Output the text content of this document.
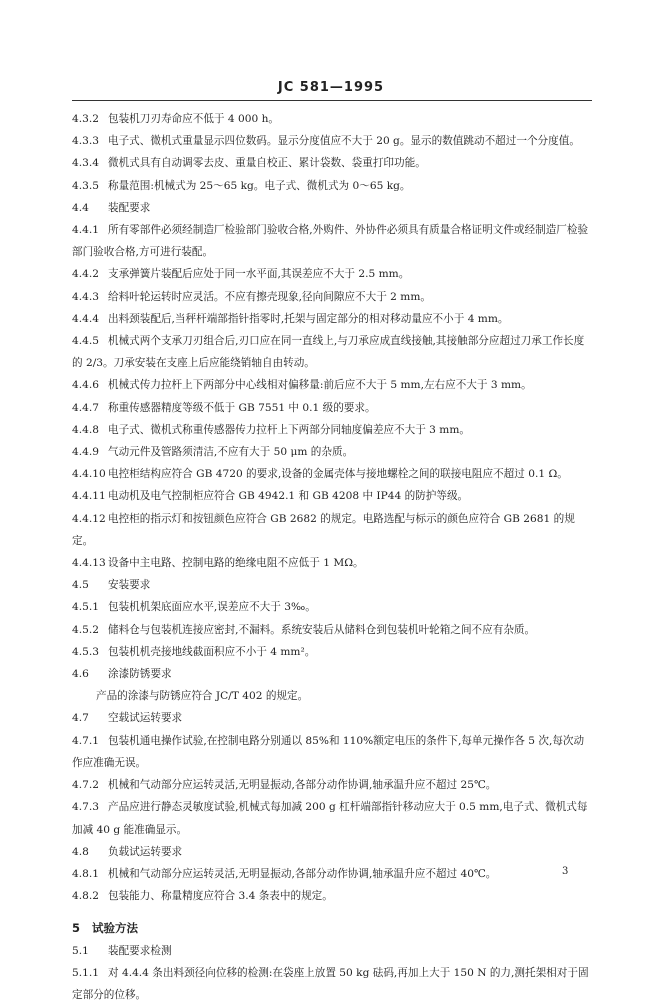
JC 581—1995
4.3.2 包装机刀刃寿命应不低于 4 000 h。
4.3.3 电子式、微机式重量显示四位数码。显示分度值应不大于 20 g。显示的数值跳动不超过一个分度值。
4.3.4 微机式具有自动调零去皮、重量自校正、累计袋数、袋重打印功能。
4.3.5 称量范围:机械式为 25～65 kg。电子式、微机式为 0～65 kg。
4.4 装配要求
4.4.1 所有零部件必须经制造厂检验部门验收合格,外购件、外协件必须具有质量合格证明文件或经制造厂检验部门验收合格,方可进行装配。
4.4.2 支承弹簧片装配后应处于同一水平面,其误差应不大于 2.5 mm。
4.4.3 给料叶轮运转时应灵活。不应有擦壳现象,径向间隙应不大于 2 mm。
4.4.4 出料颈装配后,当秤杆端部指针指零时,托架与固定部分的相对移动量应不小于 4 mm。
4.4.5 机械式两个支承刀刃组合后,刃口应在同一直线上,与刀承应成直线接触,其接触部分应超过刀承工作长度的 2/3。刀承安装在支座上后应能绕销轴自由转动。
4.4.6 机械式传力拉杆上下两部分中心线相对偏移量:前后应不大于 5 mm,左右应不大于 3 mm。
4.4.7 称重传感器精度等级不低于 GB 7551 中 0.1 级的要求。
4.4.8 电子式、微机式称重传感器传力拉杆上下两部分同轴度偏差应不大于 3 mm。
4.4.9 气动元件及管路须清洁,不应有大于 50 μm 的杂质。
4.4.10 电控柜结构应符合 GB 4720 的要求,设备的金属壳体与接地螺栓之间的联接电阻应不超过 0.1 Ω。
4.4.11 电动机及电气控制柜应符合 GB 4942.1 和 GB 4208 中 IP44 的防护等级。
4.4.12 电控柜的指示灯和按钮颜色应符合 GB 2682 的规定。电路选配与标示的颜色应符合 GB 2681 的规定。
4.4.13 设备中主电路、控制电路的绝缘电阻不应低于 1 MΩ。
4.5 安装要求
4.5.1 包装机机架底面应水平,误差应不大于 3‰。
4.5.2 储料仓与包装机连接应密封,不漏料。系统安装后从储料仓到包装机叶轮箱之间不应有杂质。
4.5.3 包装机机壳接地线截面积应不小于 4 mm²。
4.6 涂漆防锈要求
产品的涂漆与防锈应符合 JC/T 402 的规定。
4.7 空载试运转要求
4.7.1 包装机通电操作试验,在控制电路分别通以 85%和 110%额定电压的条件下,每单元操作各 5 次,每次动作应准确无误。
4.7.2 机械和气动部分应运转灵活,无明显振动,各部分动作协调,轴承温升应不超过 25℃。
4.7.3 产品应进行静态灵敏度试验,机械式每加减 200 g 杠杆端部指针移动应大于 0.5 mm,电子式、微机式每加减 40 g 能准确显示。
4.8 负载试运转要求
4.8.1 机械和气动部分应运转灵活,无明显振动,各部分动作协调,轴承温升应不超过 40℃。
4.8.2 包装能力、称量精度应符合 3.4 条表中的规定。
5 试验方法
5.1 装配要求检测
5.1.1 对 4.4.4 条出料颈径向位移的检测:在袋座上放置 50 kg 砝码,再加上大于 150 N 的力,测托架相对于固定部分的位移。
3
